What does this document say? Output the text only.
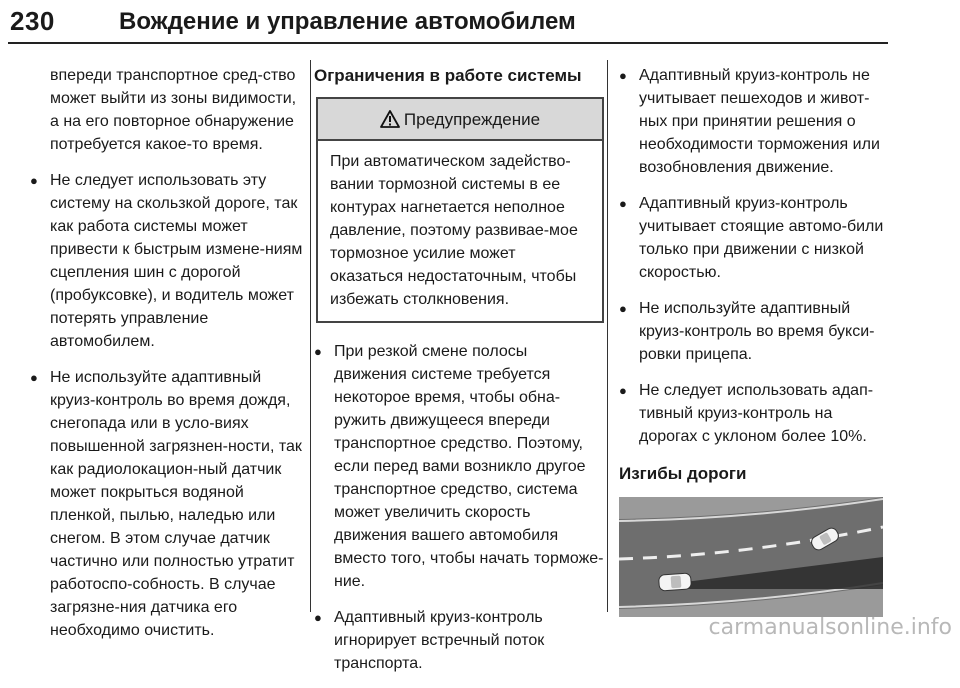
230	Вождение и управление автомобилем
впереди транспортное сред-ство может выйти из зоны видимости, а на его повторное обнаружение потребуется какое-то время.
● Не следует использовать эту систему на скользкой дороге, так как работа системы может привести к быстрым измене-ниям сцепления шин с дорогой (пробуксовке), и водитель может потерять управление автомобилем.
● Не используйте адаптивный круиз-контроль во время дождя, снегопада или в усло-виях повышенной загрязнен-ности, так как радиолокацион-ный датчик может покрыться водяной пленкой, пылью, наледью или снегом. В этом случае датчик частично или полностью утратит работоспо-собность. В случае загрязне-ния датчика его необходимо очистить.
Ограничения в работе системы
Предупреждение
При автоматическом задейство-вании тормозной системы в ее контурах нагнетается неполное давление, поэтому развивае-мое тормозное усилие может оказаться недостаточным, чтобы избежать столкновения.
● При резкой смене полосы движения системе требуется некоторое время, чтобы обна-ружить движущееся впереди транспортное средство. Поэтому, если перед вами возникло другое транспортное средство, система может увеличить скорость движения вашего автомобиля вместо того, чтобы начать торможе-ние.
● Адаптивный круиз-контроль игнорирует встречный поток транспорта.
● Адаптивный круиз-контроль не учитывает пешеходов и живот-ных при принятии решения о необходимости торможения или возобновления движение.
● Адаптивный круиз-контроль учитывает стоящие автомо-били только при движении с низкой скоростью.
● Не используйте адаптивный круиз-контроль во время букси-ровки прицепа.
● Не следует использовать адап-тивный круиз-контроль на дорогах с уклоном более 10%.
Изгибы дороги
carmanualsonline.info
